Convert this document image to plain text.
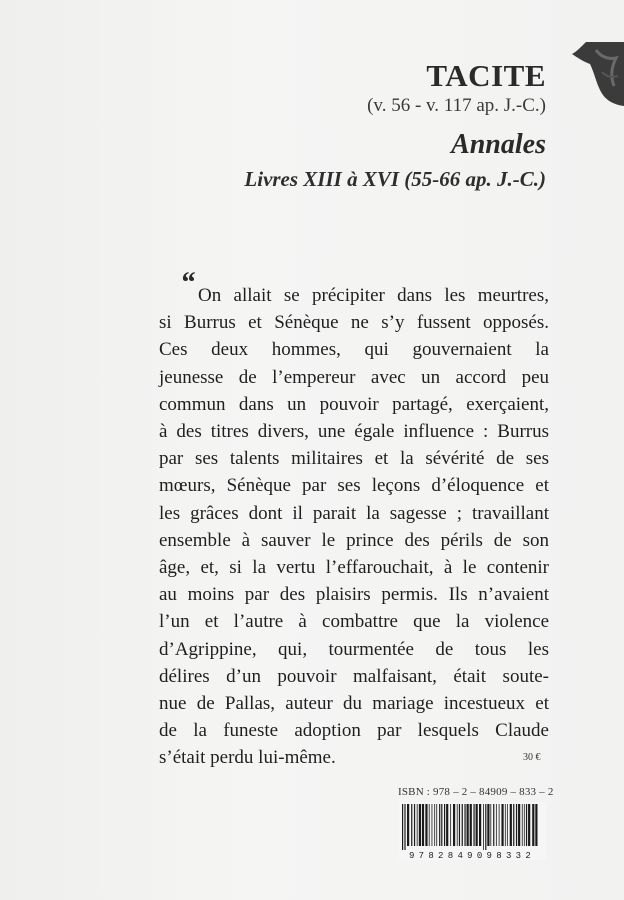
TACITE
(v. 56 - v. 117 ap. J.-C.)
Annales
Livres XIII à XVI (55-66 ap. J.-C.)
“ On allait se précipiter dans les meurtres,
si Burrus et Sénèque ne s’y fussent opposés.
Ces deux hommes, qui gouvernaient la
jeunesse de l’empereur avec un accord peu
commun dans un pouvoir partagé, exerçaient,
à des titres divers, une égale influence : Burrus
par ses talents militaires et la sévérité de ses
mœurs, Sénèque par ses leçons d’éloquence et
les grâces dont il parait la sagesse ; travaillant
ensemble à sauver le prince des périls de son
âge, et, si la vertu l’effarouchait, à le contenir
au moins par des plaisirs permis. Ils n’avaient
l’un et l’autre à combattre que la violence
d’Agrippine, qui, tourmentée de tous les
délires d’un pouvoir malfaisant, était soute-
nue de Pallas, auteur du mariage incestueux et
de la funeste adoption par lesquels Claude
s’était perdu lui-même.	30 €
ISBN : 978 – 2 – 84909 – 833 – 2
9782849098332
